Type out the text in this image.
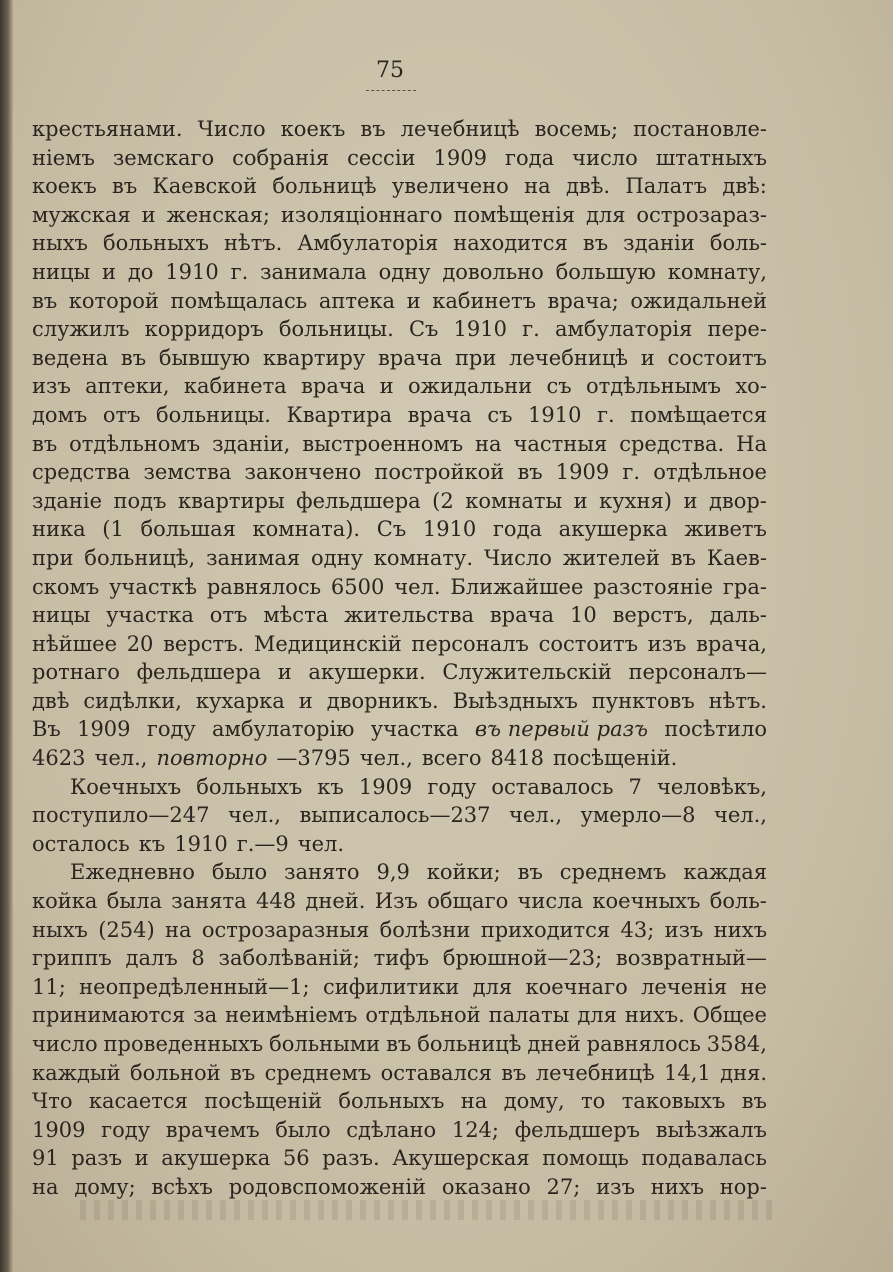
75
крестьянами. Число коекъ въ лечебницѣ восемь; постановле-
ніемъ земскаго собранія сессіи 1909 года число штатныхъ
коекъ въ Каевской больницѣ увеличено на двѣ. Палатъ двѣ:
мужская и женская; изоляціоннаго помѣщенія для острозараз-
ныхъ больныхъ нѣтъ. Амбулаторія находится въ зданіи боль-
ницы и до 1910 г. занимала одну довольно большую комнату,
въ которой помѣщалась аптека и кабинетъ врача; ожидальней
служилъ корридоръ больницы. Съ 1910 г. амбулаторія пере-
ведена въ бывшую квартиру врача при лечебницѣ и состоитъ
изъ аптеки, кабинета врача и ожидальни съ отдѣльнымъ хо-
домъ отъ больницы. Квартира врача съ 1910 г. помѣщается
въ отдѣльномъ зданіи, выстроенномъ на частныя средства. На
средства земства закончено постройкой въ 1909 г. отдѣльное
зданіе подъ квартиры фельдшера (2 комнаты и кухня) и двор-
ника (1 большая комната). Съ 1910 года акушерка живетъ
при больницѣ, занимая одну комнату. Число жителей въ Каев-
скомъ участкѣ равнялось 6500 чел. Ближайшее разстояніе гра-
ницы участка отъ мѣста жительства врача 10 верстъ, даль-
нѣйшее 20 верстъ. Медицинскій персоналъ состоитъ изъ врача,
ротнаго фельдшера и акушерки. Служительскій персоналъ—
двѣ сидѣлки, кухарка и дворникъ. Выѣздныхъ пунктовъ нѣтъ.
Въ 1909 году амбулаторію участка въ первый разъ посѣтило
4623 чел., повторно —3795 чел., всего 8418 посѣщеній.
Коечныхъ больныхъ къ 1909 году оставалось 7 человѣкъ,
поступило—247 чел., выписалось—237 чел., умерло—8 чел.,
осталось къ 1910 г.—9 чел.
Ежедневно было занято 9,9 койки; въ среднемъ каждая
койка была занята 448 дней. Изъ общаго числа коечныхъ боль-
ныхъ (254) на острозаразныя болѣзни приходится 43; изъ нихъ
гриппъ далъ 8 заболѣваній; тифъ брюшной—23; возвратный—
11; неопредѣленный—1; сифилитики для коечнаго леченія не
принимаются за неимѣніемъ отдѣльной палаты для нихъ. Общее
число проведенныхъ больными въ больницѣ дней равнялось 3584,
каждый больной въ среднемъ оставался въ лечебницѣ 14,1 дня.
Что касается посѣщеній больныхъ на дому, то таковыхъ въ
1909 году врачемъ было сдѣлано 124; фельдшеръ выѣзжалъ
91 разъ и акушерка 56 разъ. Акушерская помощь подавалась
на дому; всѣхъ родовспоможеній оказано 27; изъ нихъ нор-
